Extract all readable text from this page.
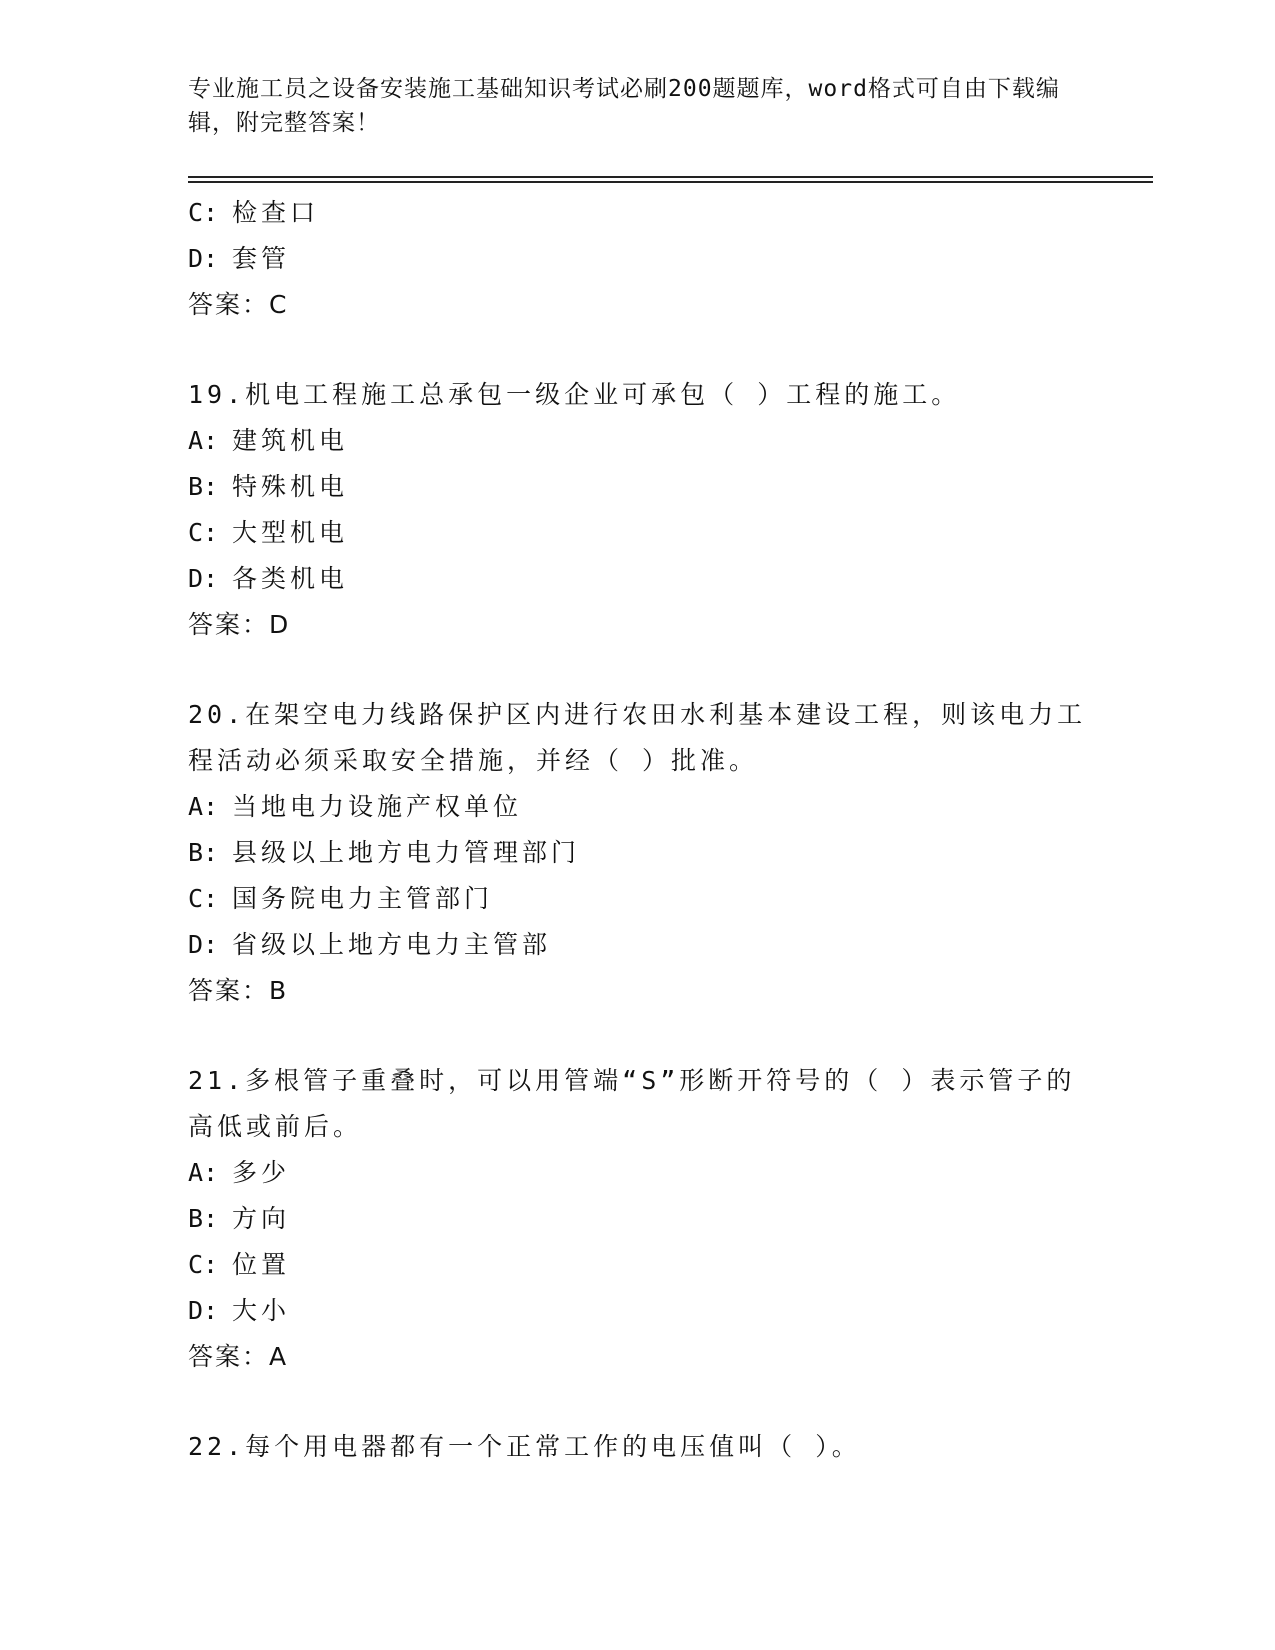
专业施工员之设备安装施工基础知识考试必刷200题题库，word格式可自由下载编辑，附完整答案！
C: 检查口
D: 套管
答案：C
19.机电工程施工总承包一级企业可承包（ ）工程的施工。
A: 建筑机电
B: 特殊机电
C: 大型机电
D: 各类机电
答案：D
20.在架空电力线路保护区内进行农田水利基本建设工程，则该电力工程活动必须采取安全措施，并经（ ）批准。
A: 当地电力设施产权单位
B: 县级以上地方电力管理部门
C: 国务院电力主管部门
D: 省级以上地方电力主管部
答案：B
21.多根管子重叠时，可以用管端“S”形断开符号的（ ）表示管子的高低或前后。
A: 多少
B: 方向
C: 位置
D: 大小
答案：A
22.每个用电器都有一个正常工作的电压值叫（ ）。
